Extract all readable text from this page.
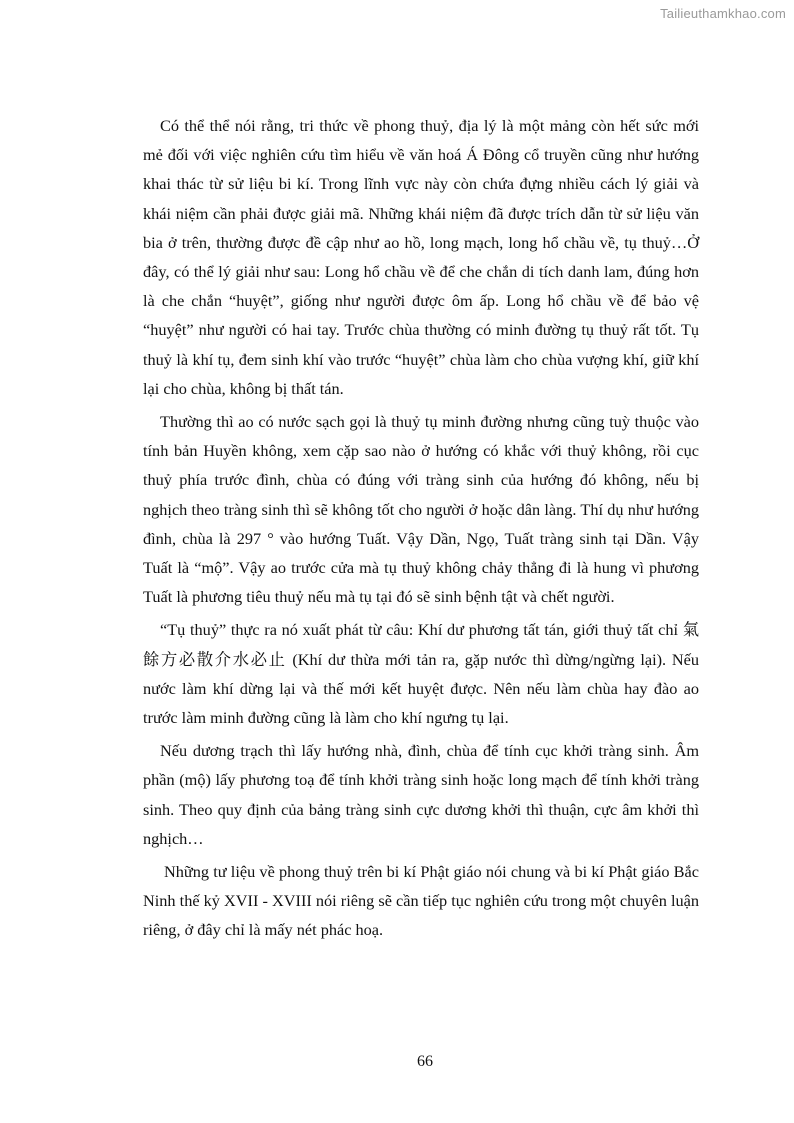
Tailieuthamkhao.com

Có thể thể nói rằng, tri thức về phong thuỷ, địa lý là một mảng còn hết sức mới mẻ đối với việc nghiên cứu tìm hiểu về văn hoá Á Đông cổ truyền cũng như hướng khai thác từ sử liệu bi kí. Trong lĩnh vực này còn chứa đựng nhiều cách lý giải và khái niệm cần phải được giải mã. Những khái niệm đã được trích dẫn từ sử liệu văn bia ở trên, thường được đề cập như ao hồ, long mạch, long hổ chầu về, tụ thuỷ…Ở đây, có thể lý giải như sau: Long hổ chầu về để che chắn di tích danh lam, đúng hơn là che chắn “huyệt”, giống như người được ôm ấp. Long hổ chầu về để bảo vệ “huyệt” như người có hai tay. Trước chùa thường có minh đường tụ thuỷ rất tốt. Tụ thuỷ là khí tụ, đem sinh khí vào trước “huyệt” chùa làm cho chùa vượng khí, giữ khí lại cho chùa, không bị thất tán.

Thường thì ao có nước sạch gọi là thuỷ tụ minh đường nhưng cũng tuỳ thuộc vào tính bản Huyền không, xem cặp sao nào ở hướng có khắc với thuỷ không, rồi cục thuỷ phía trước đình, chùa có đúng với tràng sinh của hướng đó không, nếu bị nghịch theo tràng sinh thì sẽ không tốt cho người ở hoặc dân làng. Thí dụ như hướng đình, chùa là 297 ° vào hướng Tuất. Vậy Dần, Ngọ, Tuất tràng sinh tại Dần. Vậy Tuất là “mộ”. Vậy ao trước cửa mà tụ thuỷ không chảy thẳng đi là hung vì phương Tuất là phương tiêu thuỷ nếu mà tụ tại đó sẽ sinh bệnh tật và chết người.

“Tụ thuỷ” thực ra nó xuất phát từ câu: Khí dư phương tất tán, giới thuỷ tất chỉ 氣餘方必散介水必止 (Khí dư thừa mới tản ra, gặp nước thì dừng/ngừng lại). Nếu nước làm khí dừng lại và thế mới kết huyệt được. Nên nếu làm chùa hay đào ao trước làm minh đường cũng là làm cho khí ngưng tụ lại.

Nếu dương trạch thì lấy hướng nhà, đình, chùa để tính cục khởi tràng sinh. Âm phần (mộ) lấy phương toạ để tính khởi tràng sinh hoặc long mạch để tính khởi tràng sinh. Theo quy định của bảng tràng sinh cực dương khởi thì thuận, cực âm khởi thì nghịch…

Những tư liệu về phong thuỷ trên bi kí Phật giáo nói chung và bi kí Phật giáo Bắc Ninh thế kỷ XVII - XVIII nói riêng sẽ cần tiếp tục nghiên cứu trong một chuyên luận riêng, ở đây chỉ là mấy nét phác hoạ.

66
